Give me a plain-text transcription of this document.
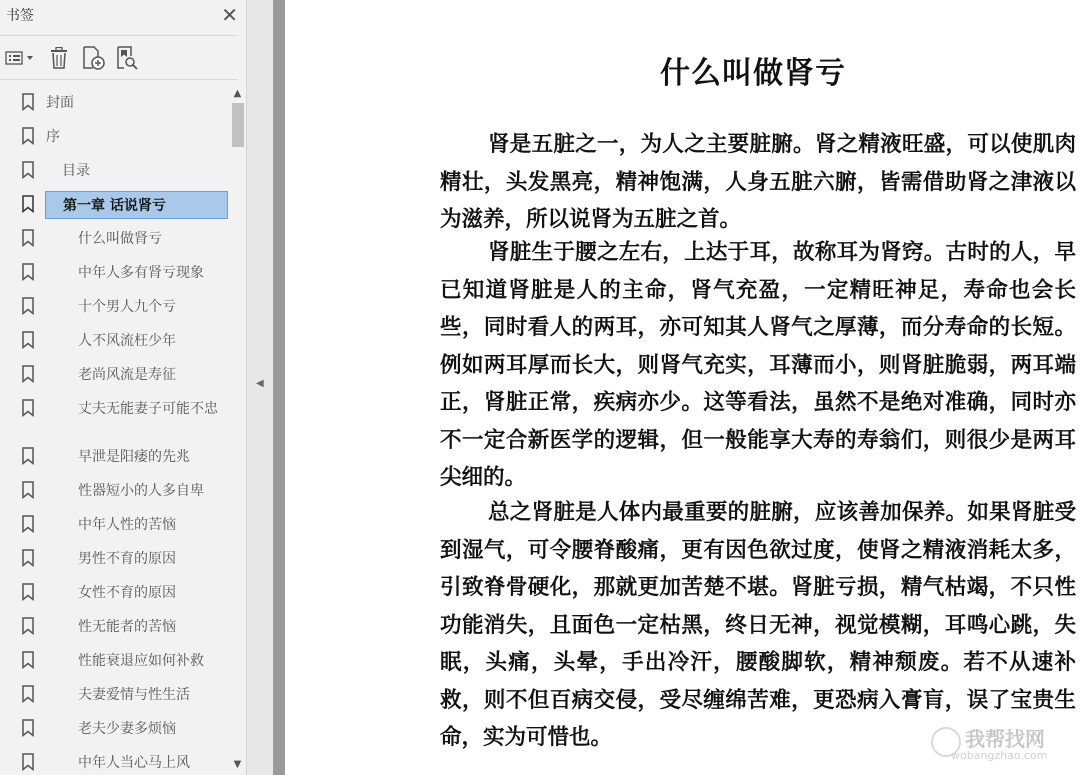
书签	✕
封面
序
目录
第一章 话说肾亏
什么叫做肾亏
中年人多有肾亏现象
十个男人九个亏
人不风流枉少年
老尚风流是寿征
丈夫无能妻子可能不忠
早泄是阳痿的先兆
性器短小的人多自卑
中年人性的苦恼
男性不育的原因
女性不育的原因
性无能者的苦恼
性能衰退应如何补救
夫妻爱情与性生活
老夫少妻多烦恼
中年人当心马上风
▲
▼
◀
什么叫做肾亏
肾是五脏之一，为人之主要脏腑。肾之精液旺盛，可以使肌肉精壮，头发黑亮，精神饱满，人身五脏六腑，皆需借助肾之津液以为滋养，所以说肾为五脏之首。
肾脏生于腰之左右，上达于耳，故称耳为肾窍。古时的人，早已知道肾脏是人的主命，肾气充盈，一定精旺神足，寿命也会长些，同时看人的两耳，亦可知其人肾气之厚薄，而分寿命的长短。例如两耳厚而长大，则肾气充实，耳薄而小，则肾脏脆弱，两耳端正，肾脏正常，疾病亦少。这等看法，虽然不是绝对准确，同时亦不一定合新医学的逻辑，但一般能享大寿的寿翁们，则很少是两耳尖细的。
总之肾脏是人体内最重要的脏腑，应该善加保养。如果肾脏受到湿气，可令腰脊酸痛，更有因色欲过度，使肾之精液消耗太多，引致脊骨硬化，那就更加苦楚不堪。肾脏亏损，精气枯竭，不只性功能消失，且面色一定枯黑，终日无神，视觉模糊，耳鸣心跳，失眠，头痛，头晕，手出冷汗，腰酸脚软，精神颓废。若不从速补救，则不但百病交侵，受尽缠绵苦难，更恐病入膏肓，误了宝贵生命，实为可惜也。	我帮找网
wobangzhao.com
